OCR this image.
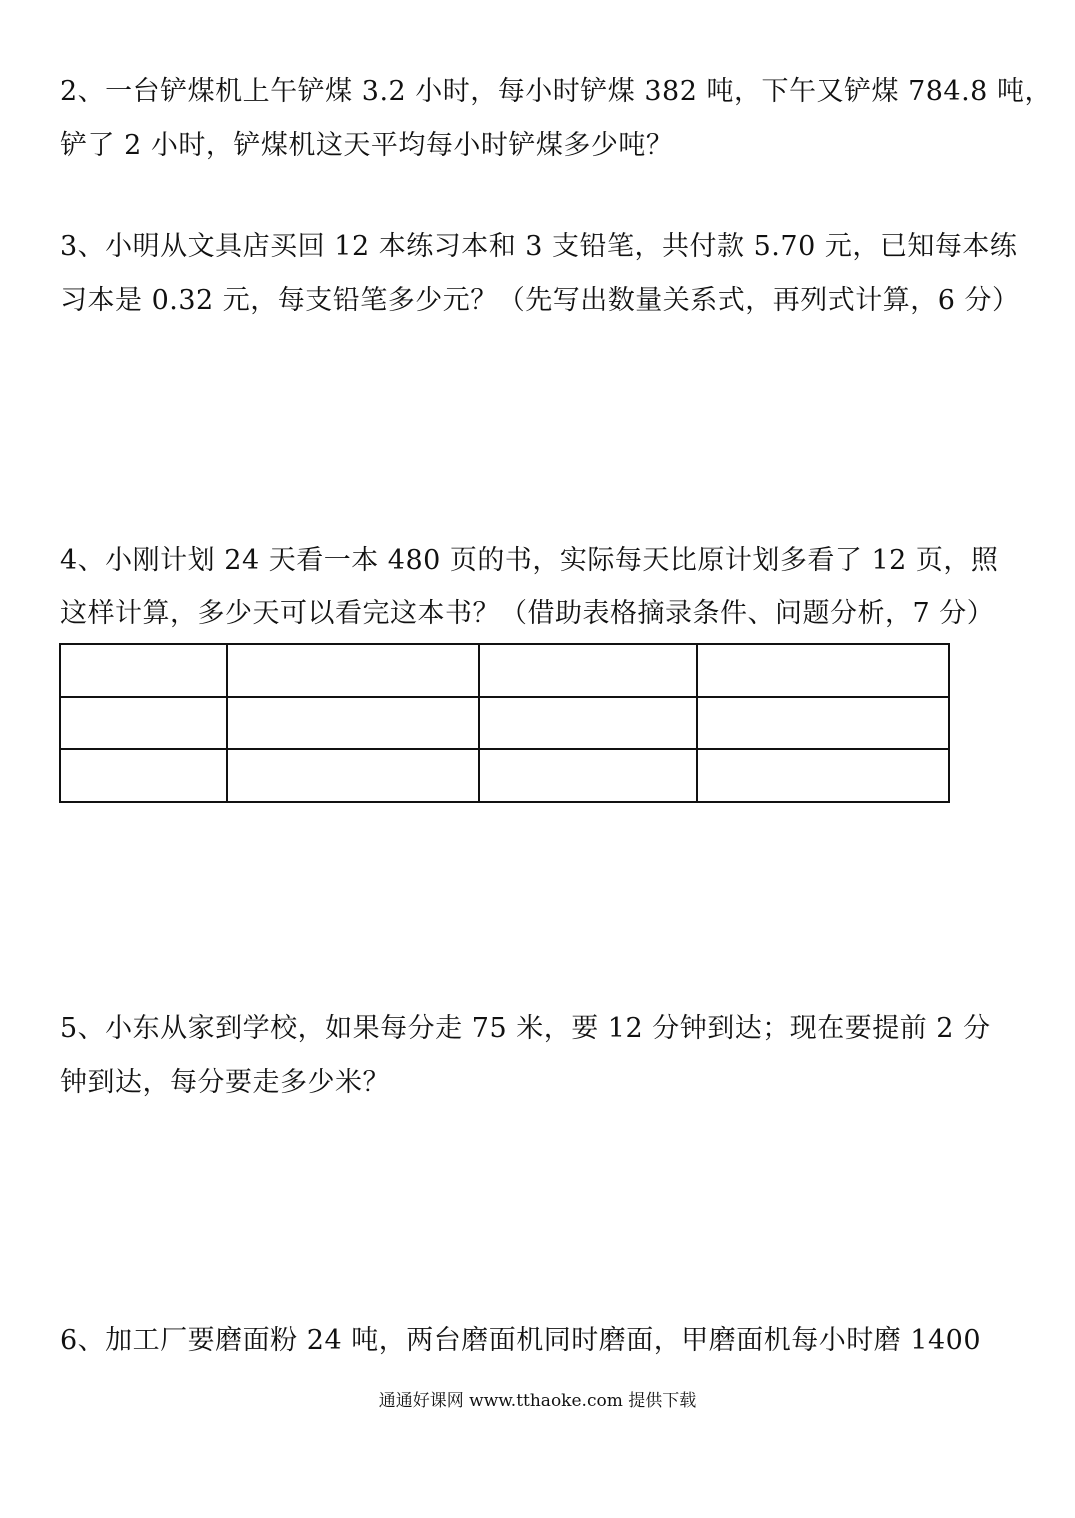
2、一台铲煤机上午铲煤 3.2 小时，每小时铲煤 382 吨，下午又铲煤 784.8 吨，
铲了 2 小时，铲煤机这天平均每小时铲煤多少吨？
3、小明从文具店买回 12 本练习本和 3 支铅笔，共付款 5.70 元，已知每本练
习本是 0.32 元，每支铅笔多少元？（先写出数量关系式，再列式计算，6 分）
4、小刚计划 24 天看一本 480 页的书，实际每天比原计划多看了 12 页，照
这样计算，多少天可以看完这本书？（借助表格摘录条件、问题分析，7 分）

5、小东从家到学校，如果每分走 75 米，要 12 分钟到达；现在要提前 2 分
钟到达，每分要走多少米？
6、加工厂要磨面粉 24 吨，两台磨面机同时磨面，甲磨面机每小时磨 1400
通通好课网 www.tthaoke.com 提供下载
